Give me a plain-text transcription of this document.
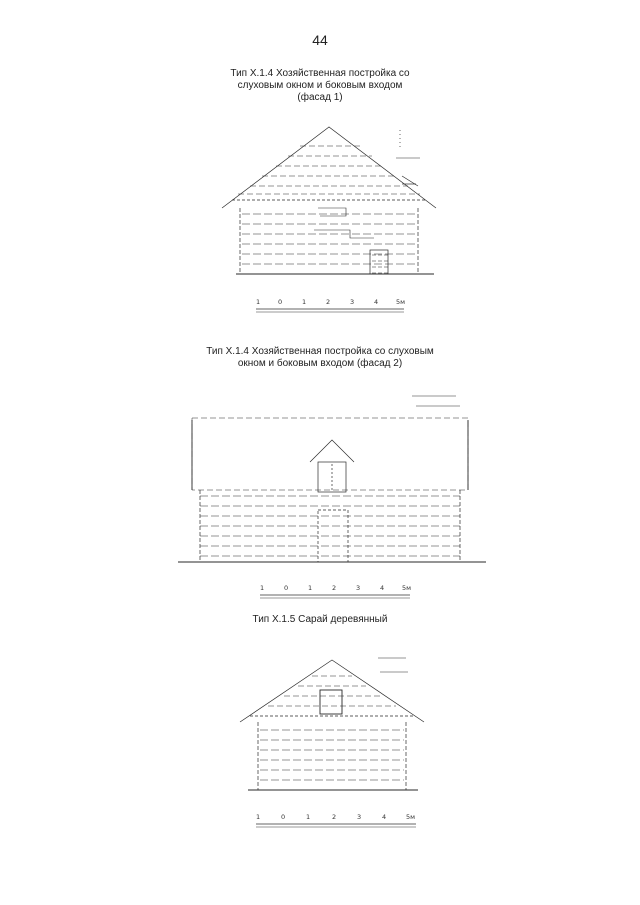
44
Тип Х.1.4 Хозяйственная постройка со
слуховым окном и боковым входом
(фасад 1)
Тип Х.1.4 Хозяйственная постройка со слуховым
окном и боковым входом (фасад 2)
Тип Х.1.5 Сарай деревянный
1	0	1	2	3	4	5м
1	0	1	2	3	4	5м
1	0	1	2	3	4	5м
